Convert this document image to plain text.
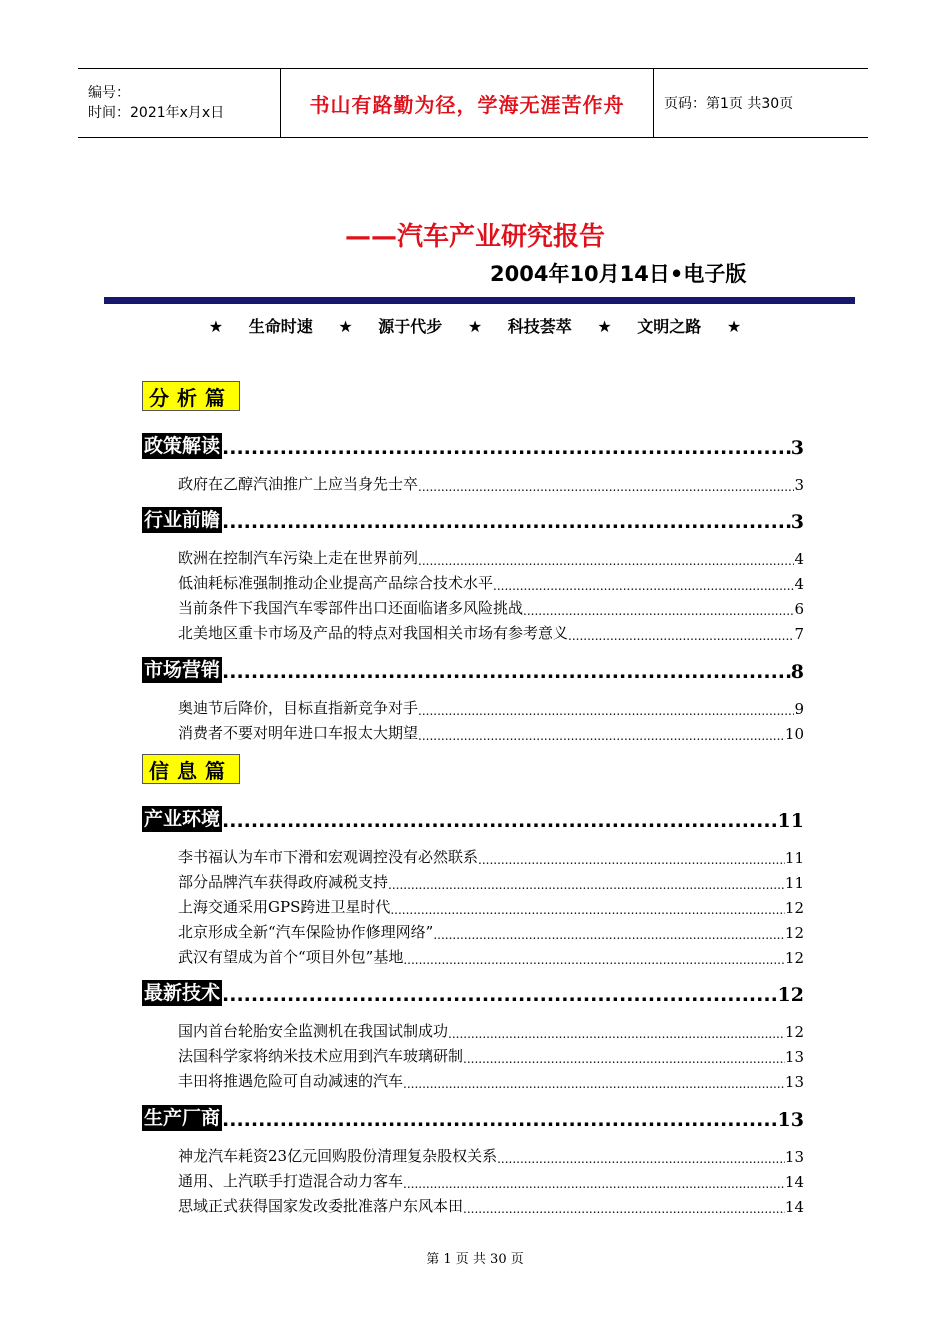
编号：
时间：2021年x月x日	书山有路勤为径，学海无涯苦作舟	页码：第1页 共30页
——汽车产业研究报告
2004年10月14日•电子版
★ 生命时速 ★ 源于代步 ★ 科技荟萃 ★ 文明之路 ★
分析篇
政策解读 .....	3
政府在乙醇汽油推广上应当身先士卒 .....	3
行业前瞻 .....	3
欧洲在控制汽车污染上走在世界前列 .....	4
低油耗标准强制推动企业提高产品综合技术水平 .....	4
当前条件下我国汽车零部件出口还面临诸多风险挑战 .....	6
北美地区重卡市场及产品的特点对我国相关市场有参考意义 .....	7
市场营销 .....	8
奥迪节后降价，目标直指新竞争对手 .....	9
消费者不要对明年进口车报太大期望 .....	10
信息篇
产业环境 .....	11
李书福认为车市下滑和宏观调控没有必然联系 .....	11
部分品牌汽车获得政府减税支持 .....	11
上海交通采用GPS跨进卫星时代 .....	12
北京形成全新“汽车保险协作修理网络” .....	12
武汉有望成为首个“项目外包”基地 .....	12
最新技术 .....	12
国内首台轮胎安全监测机在我国试制成功 .....	12
法国科学家将纳米技术应用到汽车玻璃研制 .....	13
丰田将推遇危险可自动减速的汽车 .....	13
生产厂商 .....	13
神龙汽车耗资23亿元回购股份清理复杂股权关系 .....	13
通用、上汽联手打造混合动力客车 .....	14
思域正式获得国家发改委批准落户东风本田 .....	14
第 1 页 共 30 页
